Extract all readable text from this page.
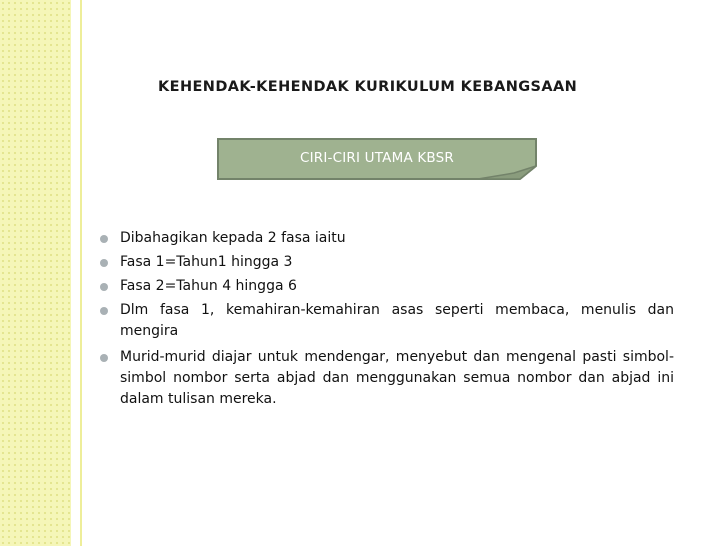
KEHENDAK-KEHENDAK KURIKULUM KEBANGSAAN
CIRI-CIRI UTAMA KBSR
Dibahagikan kepada 2 fasa iaitu
Fasa 1=Tahun1 hingga 3
Fasa 2=Tahun 4 hingga 6
Dlm fasa 1, kemahiran-kemahiran asas seperti membaca, menulis dan mengira
Murid-murid diajar untuk mendengar, menyebut dan mengenal pasti simbol-simbol nombor serta abjad dan menggunakan semua nombor dan abjad ini dalam tulisan mereka.
